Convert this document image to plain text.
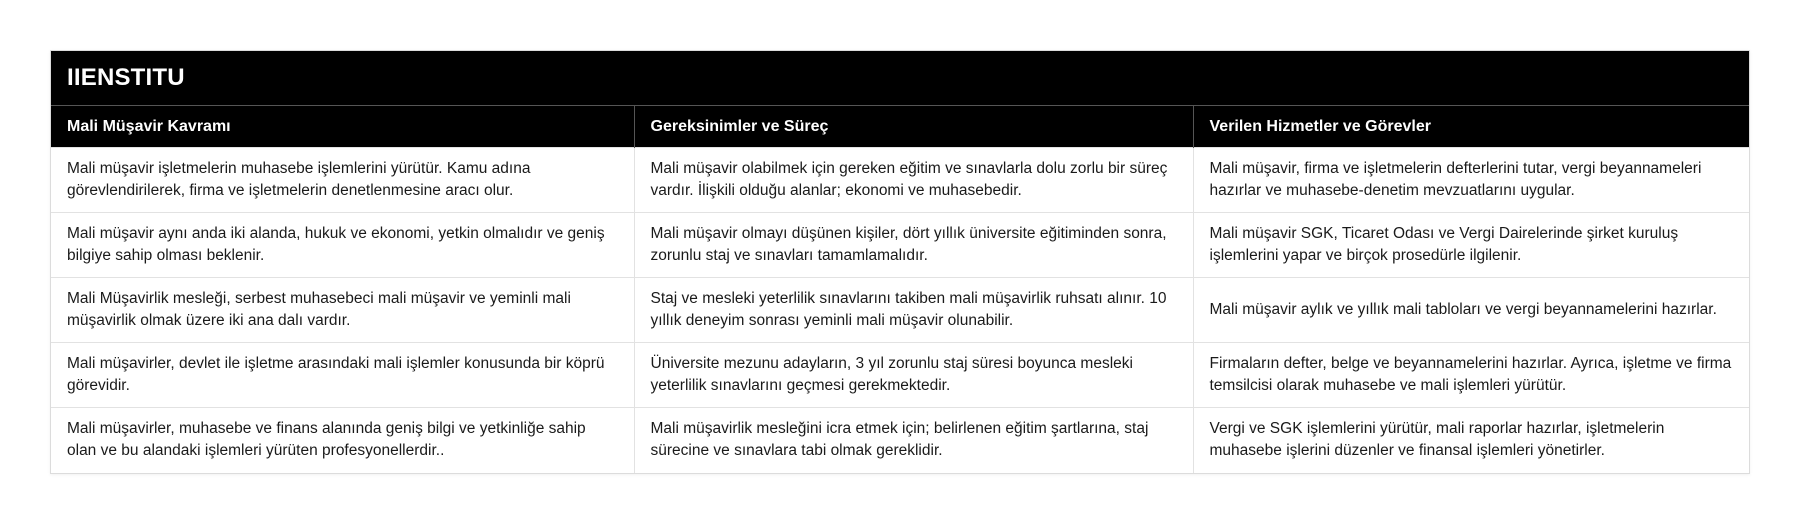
IIENSTITU
Mali Müşavir Kavramı	Gereksinimler ve Süreç	Verilen Hizmetler ve Görevler
Mali müşavir işletmelerin muhasebe işlemlerini yürütür. Kamu adına görevlendirilerek, firma ve işletmelerin denetlenmesine aracı olur.	Mali müşavir olabilmek için gereken eğitim ve sınavlarla dolu zorlu bir süreç vardır. İlişkili olduğu alanlar; ekonomi ve muhasebedir.	Mali müşavir, firma ve işletmelerin defterlerini tutar, vergi beyannameleri hazırlar ve muhasebe-denetim mevzuatlarını uygular.
Mali müşavir aynı anda iki alanda, hukuk ve ekonomi, yetkin olmalıdır ve geniş bilgiye sahip olması beklenir.	Mali müşavir olmayı düşünen kişiler, dört yıllık üniversite eğitiminden sonra, zorunlu staj ve sınavları tamamlamalıdır.	Mali müşavir SGK, Ticaret Odası ve Vergi Dairelerinde şirket kuruluş işlemlerini yapar ve birçok prosedürle ilgilenir.
Mali Müşavirlik mesleği, serbest muhasebeci mali müşavir ve yeminli mali müşavirlik olmak üzere iki ana dalı vardır.	Staj ve mesleki yeterlilik sınavlarını takiben mali müşavirlik ruhsatı alınır. 10 yıllık deneyim sonrası yeminli mali müşavir olunabilir.	Mali müşavir aylık ve yıllık mali tabloları ve vergi beyannamelerini hazırlar.
Mali müşavirler, devlet ile işletme arasındaki mali işlemler konusunda bir köprü görevidir.	Üniversite mezunu adayların, 3 yıl zorunlu staj süresi boyunca mesleki yeterlilik sınavlarını geçmesi gerekmektedir.	Firmaların defter, belge ve beyannamelerini hazırlar. Ayrıca, işletme ve firma temsilcisi olarak muhasebe ve mali işlemleri yürütür.
Mali müşavirler, muhasebe ve finans alanında geniş bilgi ve yetkinliğe sahip olan ve bu alandaki işlemleri yürüten profesyonellerdir..	Mali müşavirlik mesleğini icra etmek için; belirlenen eğitim şartlarına, staj sürecine ve sınavlara tabi olmak gereklidir.	Vergi ve SGK işlemlerini yürütür, mali raporlar hazırlar, işletmelerin muhasebe işlerini düzenler ve finansal işlemleri yönetirler.
